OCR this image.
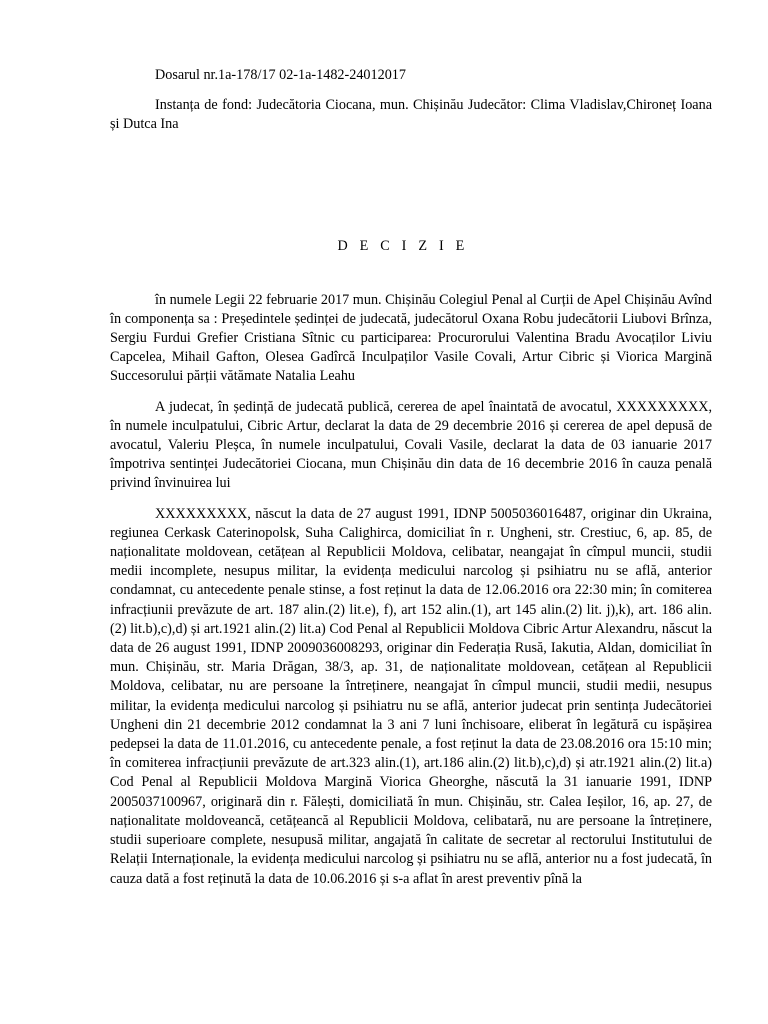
Dosarul nr.1a-178/17 02-1a-1482-24012017

Instanța de fond: Judecătoria Ciocana, mun. Chișinău Judecător: Clima Vladislav,Chironeț Ioana și Dutca Ina

D E C I Z I E

în numele Legii 22 februarie 2017 mun. Chișinău Colegiul Penal al Curții de Apel Chișinău Avînd în componența sa : Președintele ședinței de judecată, judecătorul Oxana Robu judecătorii Liubovi Brînza, Sergiu Furdui Grefier Cristiana Sîtnic cu participarea: Procurorului Valentina Bradu Avocaților Liviu Capcelea, Mihail Gafton, Olesea Gadîrcă Inculpaților Vasile Covali, Artur Cibric și Viorica Margină Succesorului părții vătămate Natalia Leahu

A judecat, în ședință de judecată publică, cererea de apel înaintată de avocatul, XXXXXXXXX, în numele inculpatului, Cibric Artur, declarat la data de 29 decembrie 2016 și cererea de apel depusă de avocatul, Valeriu Pleșca, în numele inculpatului, Covali Vasile, declarat la data de 03 ianuarie 2017 împotriva sentinței Judecătoriei Ciocana, mun Chișinău din data de 16 decembrie 2016 în cauza penală privind învinuirea lui

XXXXXXXXX, născut la data de 27 august 1991, IDNP 5005036016487, originar din Ukraina, regiunea Cerkask Caterinopolsk, Suha Calighirca, domiciliat în r. Ungheni, str. Crestiuc, 6, ap. 85, de naționalitate moldovean, cetățean al Republicii Moldova, celibatar, neangajat în cîmpul muncii, studii medii incomplete, nesupus militar, la evidența medicului narcolog și psihiatru nu se află, anterior condamnat, cu antecedente penale stinse, a fost reținut la data de 12.06.2016 ora 22:30 min; în comiterea infracțiunii prevăzute de art. 187 alin.(2) lit.e), f), art 152 alin.(1), art 145 alin.(2) lit. j),k), art. 186 alin.(2) lit.b),c),d) și art.1921 alin.(2) lit.a) Cod Penal al Republicii Moldova Cibric Artur Alexandru, născut la data de 26 august 1991, IDNP 2009036008293, originar din Federația Rusă, Iakutia, Aldan, domiciliat în mun. Chișinău, str. Maria Drăgan, 38/3, ap. 31, de naționalitate moldovean, cetățean al Republicii Moldova, celibatar, nu are persoane la întreținere, neangajat în cîmpul muncii, studii medii, nesupus militar, la evidența medicului narcolog și psihiatru nu se află, anterior judecat prin sentința Judecătoriei Ungheni din 21 decembrie 2012 condamnat la 3 ani 7 luni închisoare, eliberat în legătură cu ispășirea pedepsei la data de 11.01.2016, cu antecedente penale, a fost reținut la data de 23.08.2016 ora 15:10 min; în comiterea infracțiunii prevăzute de art.323 alin.(1), art.186 alin.(2) lit.b),c),d) și atr.1921 alin.(2) lit.a) Cod Penal al Republicii Moldova Margină Viorica Gheorghe, născută la 31 ianuarie 1991, IDNP 2005037100967, originară din r. Fălești, domiciliată în mun. Chișinău, str. Calea Ieșilor, 16, ap. 27, de naționalitate moldoveancă, cetățeancă al Republicii Moldova, celibatară, nu are persoane la întreținere, studii superioare complete, nesupusă militar, angajată în calitate de secretar al rectorului Institutului de Relații Internaționale, la evidența medicului narcolog și psihiatru nu se află, anterior nu a fost judecată, în cauza dată a fost reținută la data de 10.06.2016 și s-a aflat în arest preventiv pînă la
